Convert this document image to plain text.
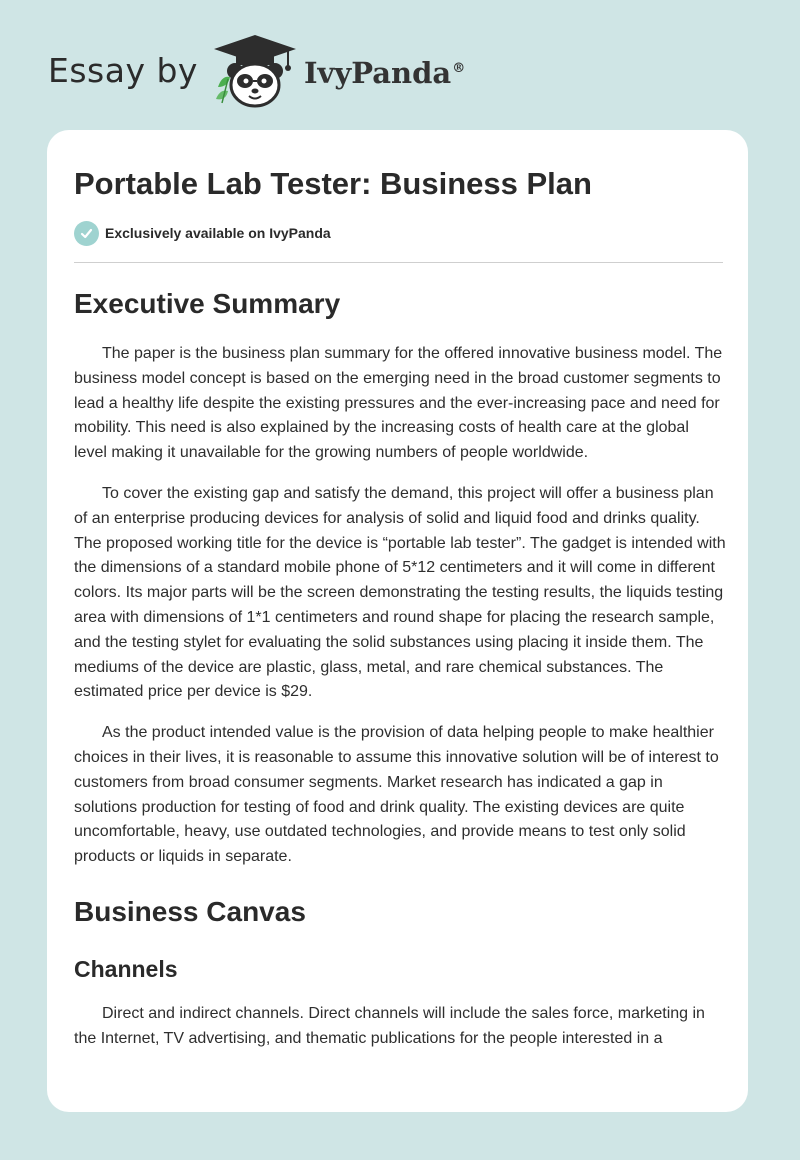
Essay by	IvyPanda®
Portable Lab Tester: Business Plan
Exclusively available on IvyPanda
Executive Summary

The paper is the business plan summary for the offered innovative business model. The business model concept is based on the emerging need in the broad customer segments to lead a healthy life despite the existing pressures and the ever-increasing pace and need for mobility. This need is also explained by the increasing costs of health care at the global level making it unavailable for the growing numbers of people worldwide.

To cover the existing gap and satisfy the demand, this project will offer a business plan of an enterprise producing devices for analysis of solid and liquid food and drinks quality. The proposed working title for the device is “portable lab tester”. The gadget is intended with the dimensions of a standard mobile phone of 5*12 centimeters and it will come in different colors. Its major parts will be the screen demonstrating the testing results, the liquids testing area with dimensions of 1*1 centimeters and round shape for placing the research sample, and the testing stylet for evaluating the solid substances using placing it inside them. The mediums of the device are plastic, glass, metal, and rare chemical substances. The estimated price per device is $29.

As the product intended value is the provision of data helping people to make healthier choices in their lives, it is reasonable to assume this innovative solution will be of interest to customers from broad consumer segments. Market research has indicated a gap in solutions production for testing of food and drink quality. The existing devices are quite uncomfortable, heavy, use outdated technologies, and provide means to test only solid products or liquids in separate.

Business Canvas
Channels

Direct and indirect channels. Direct channels will include the sales force, marketing in the Internet, TV advertising, and thematic publications for the people interested in a
